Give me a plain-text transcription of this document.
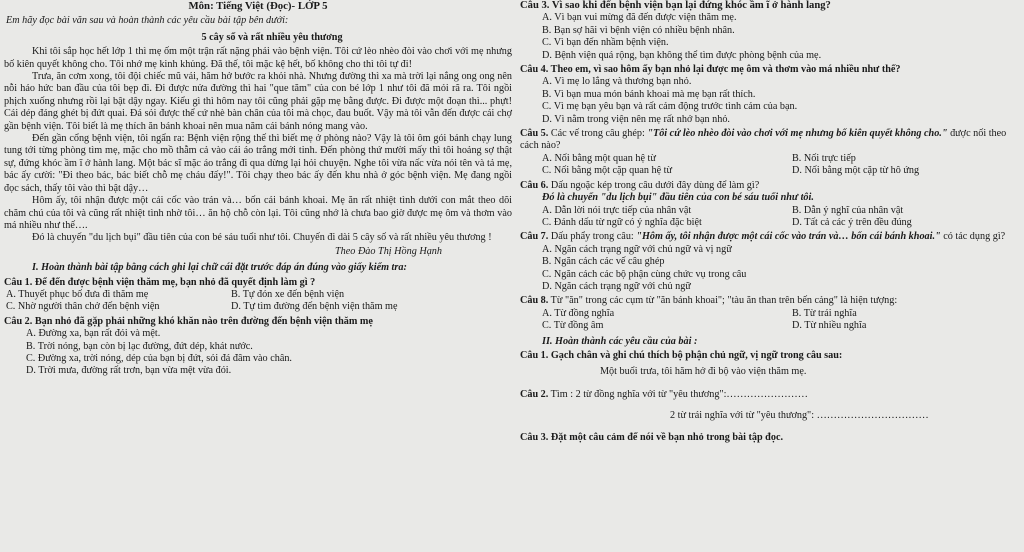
Môn: Tiếng Việt (Đọc)- LỚP 5
Em hãy đọc bài văn sau và hoàn thành các yêu cầu bài tập bên dưới:
5 cây số và rất nhiều yêu thương
Khi tôi sắp học hết lớp 1 thì mẹ ốm một trận rất nặng phải vào bệnh viện. Tôi cứ lèo nhèo đòi vào chơi với mẹ nhưng bố kiên quyết không cho. Tôi nhớ mẹ kinh khủng. Đã thế, tôi mặc kệ hết, bố không cho thì tôi tự đi!
Trưa, ăn cơm xong, tôi đội chiếc mũ vải, hăm hở bước ra khỏi nhà. Nhưng đường thì xa mà trời lại nắng ong ong nên nỗi háo hức ban đầu của tôi bẹp đi. Đi được nửa đường thì hai "que tăm" của con bé lớp 1 như tôi đã mỏi rã ra. Tôi ngồi phịch xuống nhưng rồi lại bật dậy ngay. Kiểu gì thì hôm nay tôi cũng phải gặp mẹ bằng được. Đi được một đoạn thì... phựt! Cái dép đáng ghét bị đứt quai. Đá sỏi được thể cứ nhè bàn chân của tôi mà chọc, đau buốt. Vậy mà tôi vẫn đến được cái chợ gần bệnh viện. Tôi biết là mẹ thích ăn bánh khoai nên mua năm cái bánh nóng mang vào.
Đến gần cổng bệnh viện, tôi ngẩn ra: Bệnh viện rộng thế thì biết mẹ ở phòng nào? Vậy là tôi ôm gói bánh chạy lung tung tới từng phòng tìm mẹ, mặc cho mồ thẫm cả vào cái áo trắng mới tinh. Đến phòng thứ mười mấy thì tôi hoảng sợ thật sự, đứng khóc ầm ĩ ở hành lang. Một bác sĩ mặc áo trắng đi qua dừng lại hỏi chuyện. Nghe tôi vừa nấc vừa nói tên và tả mẹ, bác ấy cười: "Đi theo bác, bác biết chỗ mẹ cháu đấy!". Tôi chạy theo bác ấy đến khu nhà ở góc bệnh viện. Mẹ đang ngồi đọc sách, thấy tôi vào thì bật dậy…
Hôm ấy, tôi nhận được một cái cốc vào trán và… bốn cái bánh khoai. Mẹ ăn rất nhiệt tình dưới con mắt theo dõi chăm chú của tôi và cũng rất nhiệt tình nhờ tôi… ăn hộ chỗ còn lại. Tôi cũng nhớ là chưa bao giờ được mẹ ôm và thơm vào má nhiều như thế….
Đó là chuyến "du lịch bụi" đầu tiên của con bé sáu tuổi như tôi. Chuyến đi dài 5 cây số và rất nhiều yêu thương !
Theo Đào Thị Hồng Hạnh
I. Hoàn thành bài tập bằng cách ghi lại chữ cái đặt trước đáp án đúng vào giấy kiểm tra:
Câu 1. Để đến được bệnh viện thăm mẹ, bạn nhỏ đã quyết định làm gì ?
A. Thuyết phục bố đưa đi thăm mẹ	B. Tự đón xe đến bệnh viện
C. Nhờ người thân chở đến bệnh viện	D. Tự tìm đường đến bệnh viện thăm mẹ
Câu 2. Bạn nhỏ đã gặp phải những khó khăn nào trên đường đến bệnh viện thăm mẹ
A. Đường xa, bạn rất đói và mệt.
B. Trời nóng, bạn còn bị lạc đường, đứt dép, khát nước.
C. Đường xa, trời nóng, dép của bạn bị đứt, sỏi đá đâm vào chân.
D. Trời mưa, đường rất trơn, bạn vừa mệt vừa đói.
Câu 3. Vì sao khi đến bệnh viện bạn lại đứng khóc ầm ĩ ở hành lang?
A. Vì bạn vui mừng đã đến được viện thăm mẹ.
B. Bạn sợ hãi vì bệnh viện có nhiều bệnh nhân.
C. Vì bạn đến nhầm bệnh viện.
D. Bệnh viện quá rộng, bạn không thể tìm được phòng bệnh của mẹ.
Câu 4. Theo em, vì sao hôm ấy bạn nhỏ lại được mẹ ôm và thơm vào má nhiều như thế?
A. Vì mẹ lo lắng và thương bạn nhỏ.
B. Vì bạn mua món bánh khoai mà mẹ bạn rất thích.
C. Vì mẹ bạn yêu bạn và rất cảm động trước tình cảm của bạn.
D. Vì nằm trong viện nên mẹ rất nhớ bạn nhỏ.
Câu 5. Các vế trong câu ghép: "Tôi cứ lèo nhèo đòi vào chơi với mẹ nhưng bố kiên quyết không cho." được nối theo cách nào?
A. Nối bằng một quan hệ từ	B. Nối trực tiếp
C. Nối bằng một cặp quan hệ từ	D. Nối bằng một cặp từ hô ứng
Câu 6. Dấu ngoặc kép trong câu dưới đây dùng để làm gì?
Đó là chuyến "du lịch bụi" đầu tiên của con bé sáu tuổi như tôi.
A. Dẫn lời nói trực tiếp của nhân vật	B. Dẫn ý nghĩ của nhân vật
C. Đánh dấu từ ngữ có ý nghĩa đặc biệt	D. Tất cả các ý trên đều đúng
Câu 7. Dấu phẩy trong câu: "Hôm ấy, tôi nhận được một cái cốc vào trán và… bốn cái bánh khoai." có tác dụng gì?
A. Ngăn cách trạng ngữ với chủ ngữ và vị ngữ
B. Ngăn cách các vế câu ghép
C. Ngăn cách các bộ phận cùng chức vụ trong câu
D. Ngăn cách trạng ngữ với chủ ngữ
Câu 8. Từ "ăn" trong các cụm từ "ăn bánh khoai"; "tàu ăn than trên bến cảng" là hiện tượng:
A. Từ đồng nghĩa	B. Từ trái nghĩa
C. Từ đồng âm	D. Từ nhiều nghĩa
II. Hoàn thành các yêu cầu của bài :
Câu 1. Gạch chân và ghi chú thích bộ phận chủ ngữ, vị ngữ trong câu sau:
Một buổi trưa, tôi hăm hở đi bộ vào viện thăm mẹ.
Câu 2. Tìm : 2 từ đồng nghĩa với từ "yêu thương":……………………
2 từ trái nghĩa với từ "yêu thương": ……………………………
Câu 3. Đặt một câu cảm để nói về bạn nhỏ trong bài tập đọc.
